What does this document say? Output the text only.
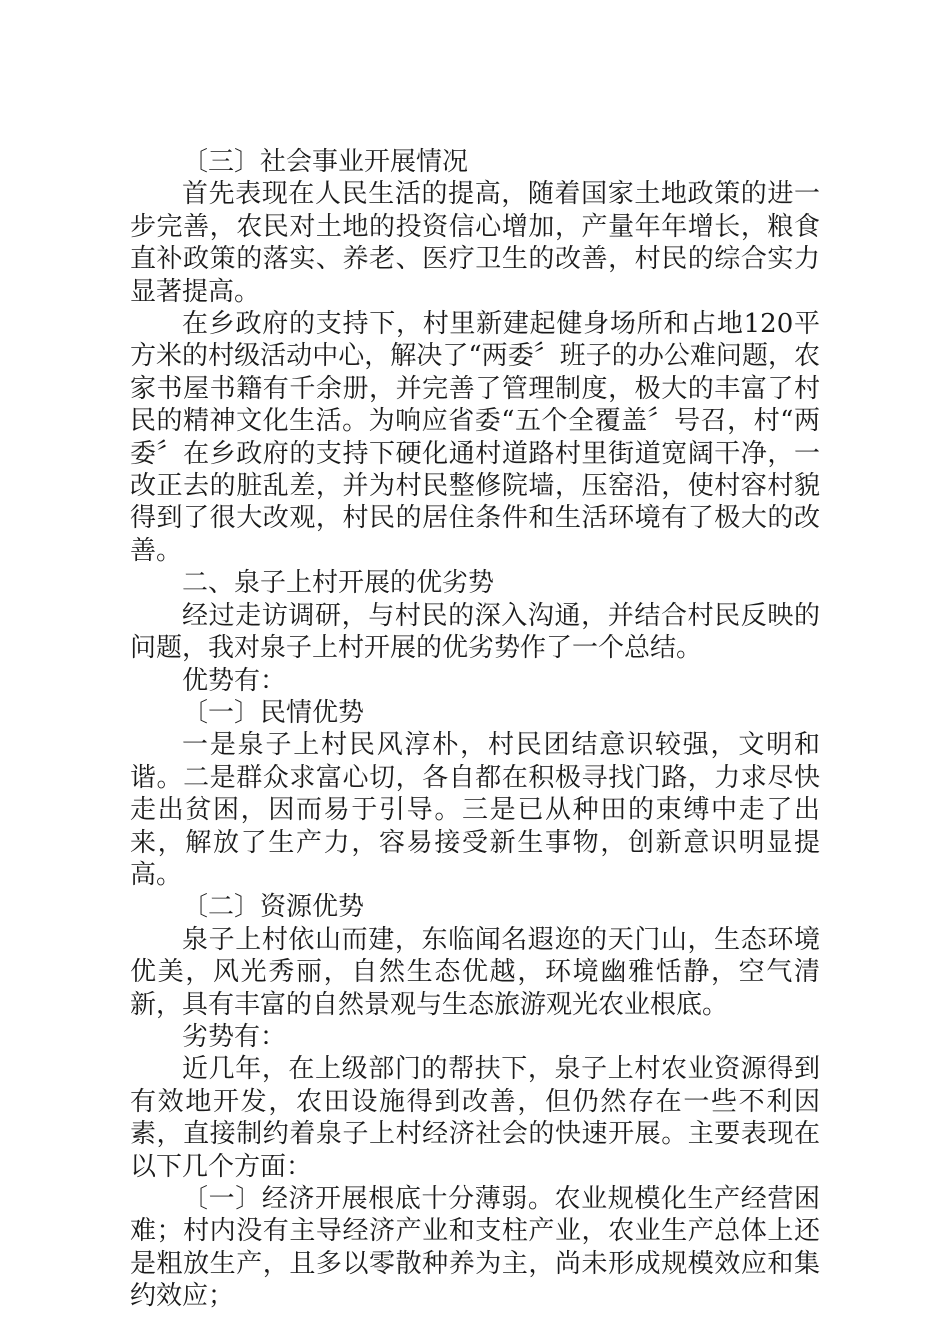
〔三〕社会事业开展情况

首先表现在人民生活的提高，随着国家土地政策的进一步完善，农民对土地的投资信心增加，产量年年增长，粮食直补政策的落实、养老、医疗卫生的改善，村民的综合实力显著提高。

在乡政府的支持下，村里新建起健身场所和占地120平方米的村级活动中心，解决了“两委〞班子的办公难问题，农家书屋书籍有千余册，并完善了管理制度，极大的丰富了村民的精神文化生活。为响应省委“五个全覆盖〞号召，村“两委〞在乡政府的支持下硬化通村道路村里街道宽阔干净，一改正去的脏乱差，并为村民整修院墙，压窑沿，使村容村貌得到了很大改观，村民的居住条件和生活环境有了极大的改善。

二、泉子上村开展的优劣势

经过走访调研，与村民的深入沟通，并结合村民反映的问题，我对泉子上村开展的优劣势作了一个总结。

优势有：

〔一〕民情优势

一是泉子上村民风淳朴，村民团结意识较强，文明和谐。二是群众求富心切，各自都在积极寻找门路，力求尽快走出贫困，因而易于引导。三是已从种田的束缚中走了出来，解放了生产力，容易接受新生事物，创新意识明显提高。

〔二〕资源优势

泉子上村依山而建，东临闻名遐迩的天门山，生态环境优美，风光秀丽，自然生态优越，环境幽雅恬静，空气清新，具有丰富的自然景观与生态旅游观光农业根底。

劣势有：

近几年，在上级部门的帮扶下，泉子上村农业资源得到有效地开发，农田设施得到改善，但仍然存在一些不利因素，直接制约着泉子上村经济社会的快速开展。主要表现在以下几个方面：

〔一〕经济开展根底十分薄弱。农业规模化生产经营困难；村内没有主导经济产业和支柱产业，农业生产总体上还是粗放生产，且多以零散种养为主，尚未形成规模效应和集约效应；
